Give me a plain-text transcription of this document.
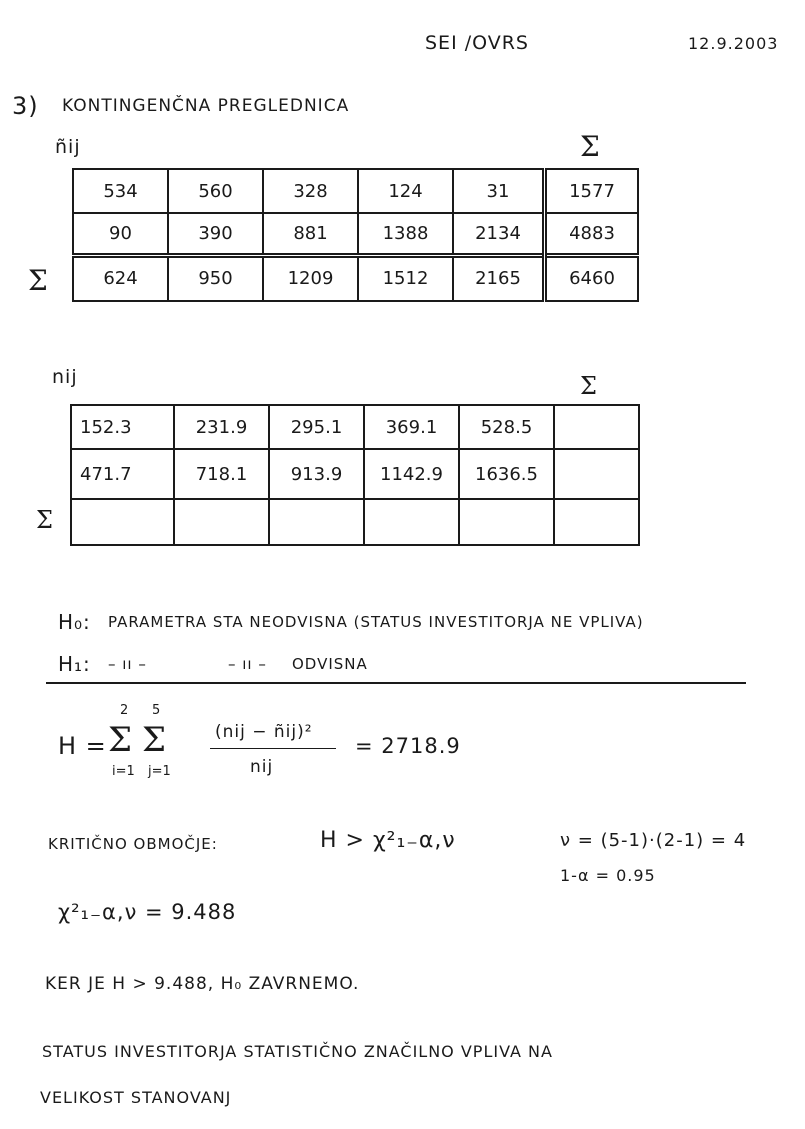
SEI /OVRS	12.9.2003
3) KONTINGENČNA PREGLEDNICA
ñij	Σ
Σ
534	560	328	124	31	1577
90	390	881	1388	2134	4883
624	950	1209	1512	2165	6460
nij	Σ
Σ
152.3	231.9	295.1	369.1	528.5	
471.7	718.1	913.9	1142.9	1636.5	

H₀: PARAMETRA STA NEODVISNA (STATUS INVESTITORJA NE VPLIVA)
H₁: – ıı –	– ıı – ODVISNA
H =
2
Σ
i=1
5
Σ
j=1
(nij − ñij)²
nij
= 2718.9
KRITIČNO OBMOČJE:	H > χ²₁₋α,ν	ν = (5-1)·(2-1) = 4
1-α = 0.95
χ²₁₋α,ν = 9.488
KER JE H > 9.488, H₀ ZAVRNEMO.
STATUS INVESTITORJA STATISTIČNO ZNAČILNO VPLIVA NA
VELIKOST STANOVANJ
